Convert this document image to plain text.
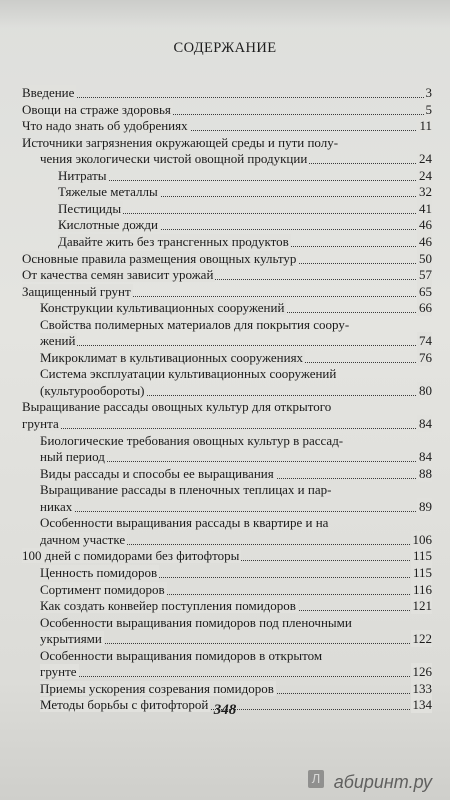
СОДЕРЖАНИЕ
Введение	3
Овощи на страже здоровья	5
Что надо знать об удобрениях	11
Источники загрязнения окружающей среды и пути полу-
чения экологически чистой овощной продукции	24
Нитраты	24
Тяжелые металлы	32
Пестициды	41
Кислотные дожди	46
Давайте жить без трансгенных продуктов	46
Основные правила размещения овощных культур	50
От качества семян зависит урожай	57
Защищенный грунт	65
Конструкции культивационных сооружений	66
Свойства полимерных материалов для покрытия соору-
жений	74
Микроклимат в культивационных сооружениях	76
Система эксплуатации культивационных сооружений
(культурообороты)	80
Выращивание рассады овощных культур для открытого
грунта	84
Биологические требования овощных культур в рассад-
ный период	84
Виды рассады и способы ее выращивания	88
Выращивание рассады в пленочных теплицах и пар-
никах	89
Особенности выращивания рассады в квартире и на
дачном участке	106
100 дней с помидорами без фитофторы	115
Ценность помидоров	115
Сортимент помидоров	116
Как создать конвейер поступления помидоров	121
Особенности выращивания помидоров под пленочными
укрытиями	122
Особенности выращивания помидоров в открытом
грунте	126
Приемы ускорения созревания помидоров	133
Методы борьбы с фитофторой	134
348
Л абиринт.ру
